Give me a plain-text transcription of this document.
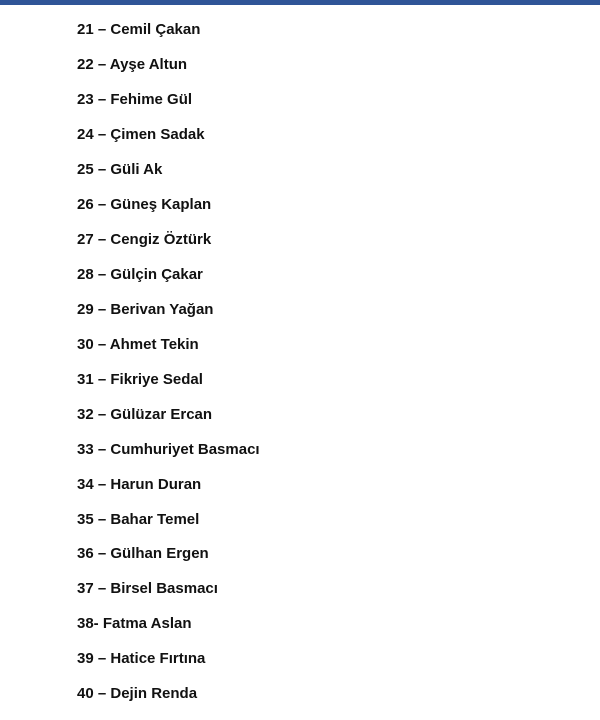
21 – Cemil Çakan
22 – Ayşe Altun
23 – Fehime Gül
24 – Çimen Sadak
25 – Güli Ak
26 – Güneş Kaplan
27 – Cengiz Öztürk
28 – Gülçin Çakar
29 – Berivan Yağan
30 – Ahmet Tekin
31 – Fikriye Sedal
32 – Gülüzar Ercan
33 – Cumhuriyet Basmacı
34 – Harun Duran
35 – Bahar Temel
36 – Gülhan Ergen
37 – Birsel Basmacı
38- Fatma Aslan
39 – Hatice Fırtına
40 – Dejin Renda
